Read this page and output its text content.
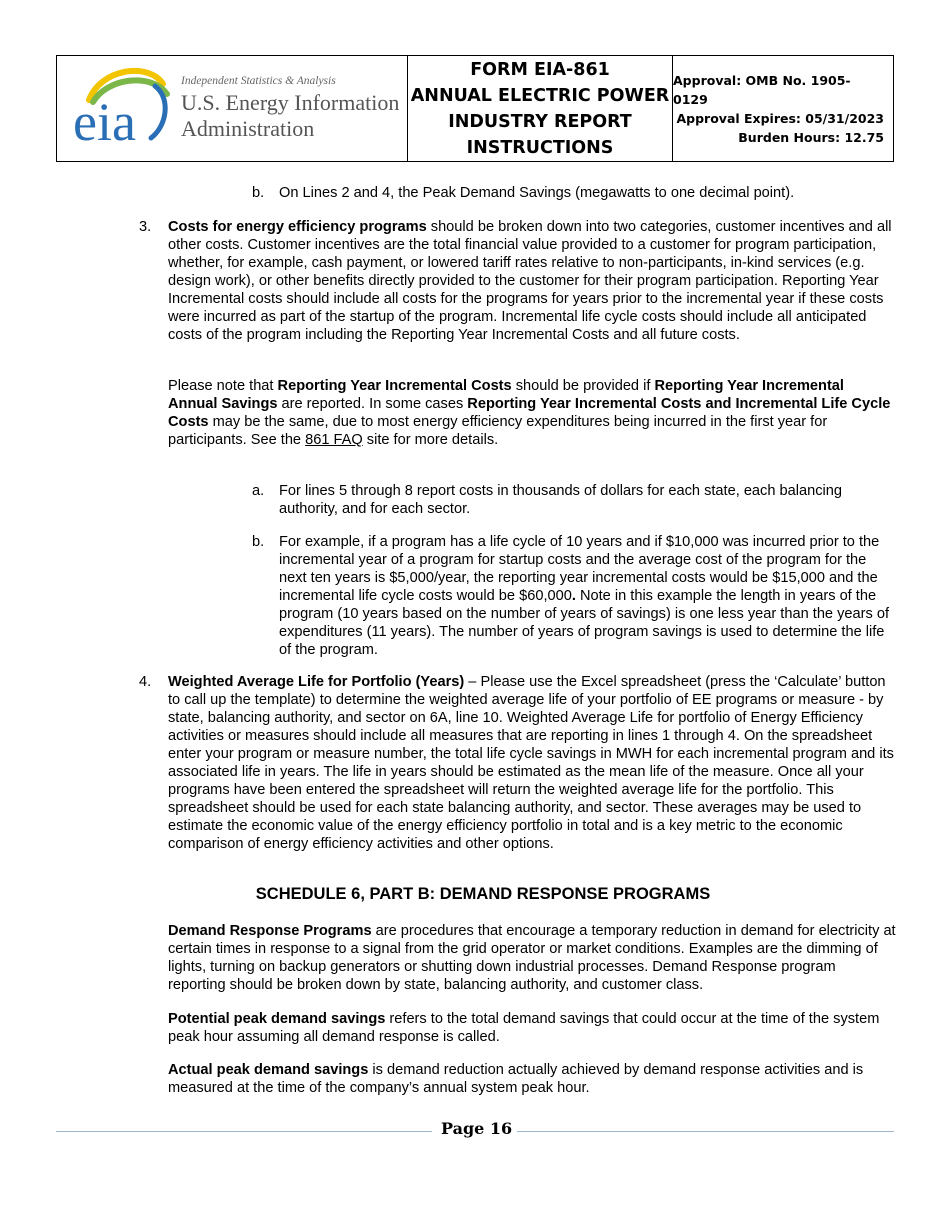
eia
Independent Statistics & Analysis
U.S. Energy Information
Administration
FORM EIA-861
ANNUAL ELECTRIC POWER
INDUSTRY REPORT
INSTRUCTIONS
Approval: OMB No. 1905-0129
Approval Expires: 05/31/2023
Burden Hours: 12.75
b. On Lines 2 and 4, the Peak Demand Savings (megawatts to one decimal point).

3. Costs for energy efficiency programs should be broken down into two categories, customer incentives and all other costs. Customer incentives are the total financial value provided to a customer for program participation, whether, for example, cash payment, or lowered tariff rates relative to non-participants, in-kind services (e.g. design work), or other benefits directly provided to the customer for their program participation. Reporting Year Incremental costs should include all costs for the programs for years prior to the incremental year if these costs were incurred as part of the startup of the program. Incremental life cycle costs should include all anticipated costs of the program including the Reporting Year Incremental Costs and all future costs.

Please note that Reporting Year Incremental Costs should be provided if Reporting Year Incremental Annual Savings are reported. In some cases Reporting Year Incremental Costs and Incremental Life Cycle Costs may be the same, due to most energy efficiency expenditures being incurred in the first year for participants. See the 861 FAQ site for more details.

a. For lines 5 through 8 report costs in thousands of dollars for each state, each balancing authority, and for each sector.

b. For example, if a program has a life cycle of 10 years and if $10,000 was incurred prior to the incremental year of a program for startup costs and the average cost of the program for the next ten years is $5,000/year, the reporting year incremental costs would be $15,000 and the incremental life cycle costs would be $60,000. Note in this example the length in years of the program (10 years based on the number of years of savings) is one less year than the years of expenditures (11 years). The number of years of program savings is used to determine the life of the program.

4. Weighted Average Life for Portfolio (Years) – Please use the Excel spreadsheet (press the ‘Calculate’ button to call up the template) to determine the weighted average life of your portfolio of EE programs or measure - by state, balancing authority, and sector on 6A, line 10. Weighted Average Life for portfolio of Energy Efficiency activities or measures should include all measures that are reporting in lines 1 through 4. On the spreadsheet enter your program or measure number, the total life cycle savings in MWH for each incremental program and its associated life in years. The life in years should be estimated as the mean life of the measure. Once all your programs have been entered the spreadsheet will return the weighted average life for the portfolio. This spreadsheet should be used for each state balancing authority, and sector. These averages may be used to estimate the economic value of the energy efficiency portfolio in total and is a key metric to the economic comparison of energy efficiency activities and other options.

SCHEDULE 6, PART B: DEMAND RESPONSE PROGRAMS

Demand Response Programs are procedures that encourage a temporary reduction in demand for electricity at certain times in response to a signal from the grid operator or market conditions. Examples are the dimming of lights, turning on backup generators or shutting down industrial processes. Demand Response program reporting should be broken down by state, balancing authority, and customer class.

Potential peak demand savings refers to the total demand savings that could occur at the time of the system peak hour assuming all demand response is called.

Actual peak demand savings is demand reduction actually achieved by demand response activities and is measured at the time of the company’s annual system peak hour.

Page 16
